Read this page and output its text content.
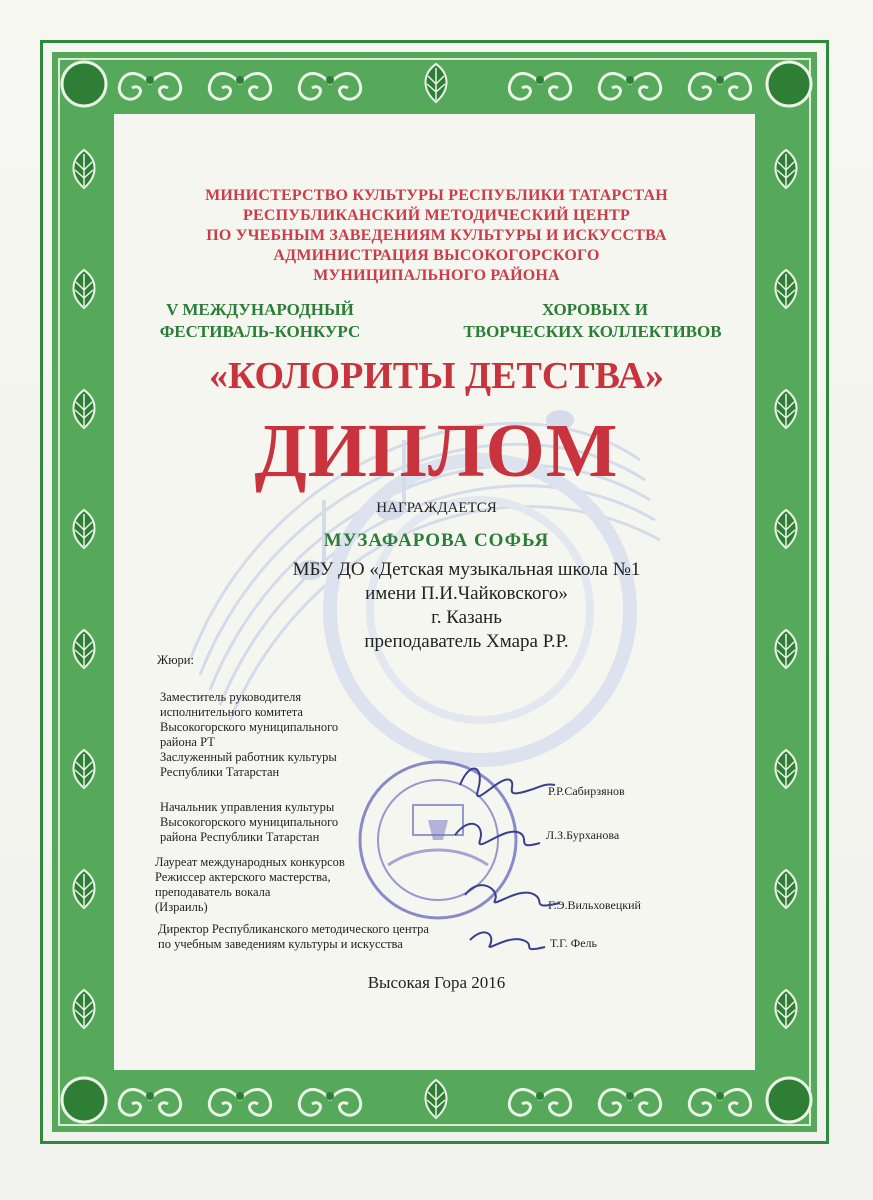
МИНИСТЕРСТВО КУЛЬТУРЫ РЕСПУБЛИКИ ТАТАРСТАН
РЕСПУБЛИКАНСКИЙ МЕТОДИЧЕСКИЙ ЦЕНТР
ПО УЧЕБНЫМ ЗАВЕДЕНИЯМ КУЛЬТУРЫ И ИСКУССТВА
АДМИНИСТРАЦИЯ ВЫСОКОГОРСКОГО
МУНИЦИПАЛЬНОГО РАЙОНА
V МЕЖДУНАРОДНЫЙ
ФЕСТИВАЛЬ-КОНКУРС
ХОРОВЫХ И
ТВОРЧЕСКИХ КОЛЛЕКТИВОВ
«КОЛОРИТЫ ДЕТСТВА»
ДИПЛОМ
НАГРАЖДАЕТСЯ
МУЗАФАРОВА СОФЬЯ
МБУ ДО «Детская музыкальная школа №1
имени П.И.Чайковского»
г. Казань
преподаватель Хмара Р.Р.
Жюри:
Заместитель руководителя
исполнительного комитета
Высокогорского муниципального
района РТ
Заслуженный работник культуры
Республики Татарстан
Р.Р.Сабирзянов
Начальник управления культуры
Высокогорского муниципального
района Республики Татарстан	Л.З.Бурханова
Лауреат международных конкурсов
Режиссер актерского мастерства,
преподаватель вокала
(Израиль)	Г.Э.Вильховецкий
Директор Республиканского методического центра
по учебным заведениям культуры и искусства	Т.Г. Фель
Высокая Гора 2016
